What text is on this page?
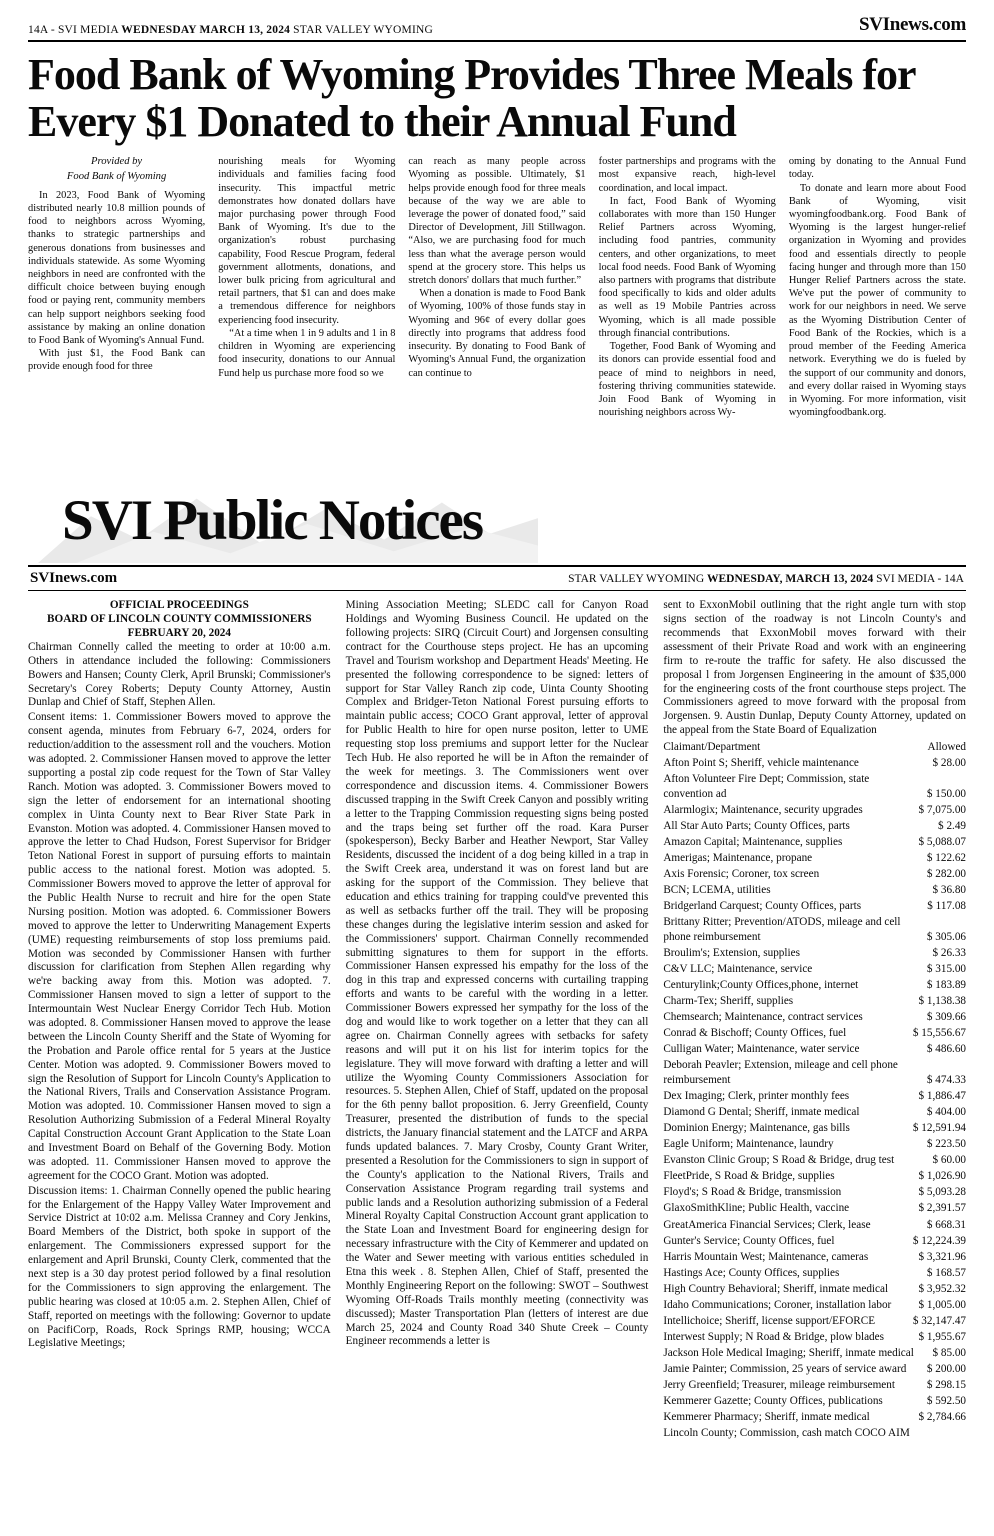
14A - SVI MEDIA WEDNESDAY MARCH 13, 2024 STAR VALLEY WYOMING	SVInews.com
Food Bank of Wyoming Provides Three Meals for Every $1 Donated to their Annual Fund
Provided by
Food Bank of Wyoming

In 2023, Food Bank of Wyoming distributed nearly 10.8 million pounds of food to neighbors across Wyoming, thanks to strategic partnerships and generous donations from businesses and individuals statewide. As some Wyoming neighbors in need are confronted with the difficult choice between buying enough food or paying rent, community members can help support neighbors seeking food assistance by making an online donation to Food Bank of Wyoming's Annual Fund.

With just $1, the Food Bank can provide enough food for three

nourishing meals for Wyoming individuals and families facing food insecurity. This impactful metric demonstrates how donated dollars have major purchasing power through Food Bank of Wyoming. It's due to the organization's robust purchasing capability, Food Rescue Program, federal government allotments, donations, and lower bulk pricing from agricultural and retail partners, that $1 can and does make a tremendous difference for neighbors experiencing food insecurity.

“At a time when 1 in 9 adults and 1 in 8 children in Wyoming are experiencing food insecurity, donations to our Annual Fund help us purchase more food so we

can reach as many people across Wyoming as possible. Ultimately, $1 helps provide enough food for three meals because of the way we are able to leverage the power of donated food,” said Director of Development, Jill Stillwagon. “Also, we are purchasing food for much less than what the average person would spend at the grocery store. This helps us stretch donors' dollars that much further.”

When a donation is made to Food Bank of Wyoming, 100% of those funds stay in Wyoming and 96¢ of every dollar goes directly into programs that address food insecurity. By donating to Food Bank of Wyoming's Annual Fund, the organization can continue to

foster partnerships and programs with the most expansive reach, high-level coordination, and local impact.

In fact, Food Bank of Wyoming collaborates with more than 150 Hunger Relief Partners across Wyoming, including food pantries, community centers, and other organizations, to meet local food needs. Food Bank of Wyoming also partners with programs that distribute food specifically to kids and older adults as well as 19 Mobile Pantries across Wyoming, which is all made possible through financial contributions.

Together, Food Bank of Wyoming and its donors can provide essential food and peace of mind to neighbors in need, fostering thriving communities statewide. Join Food Bank of Wyoming in nourishing neighbors across Wy-

oming by donating to the Annual Fund today.

To donate and learn more about Food Bank of Wyoming, visit wyomingfoodbank.org. Food Bank of Wyoming is the largest hunger-relief organization in Wyoming and provides food and essentials directly to people facing hunger and through more than 150 Hunger Relief Partners across the state. We've put the power of community to work for our neighbors in need. We serve as the Wyoming Distribution Center of Food Bank of the Rockies, which is a proud member of the Feeding America network. Everything we do is fueled by the support of our community and donors, and every dollar raised in Wyoming stays in Wyoming. For more information, visit wyomingfoodbank.org.

SVI Public Notices
SVInews.com	STAR VALLEY WYOMING WEDNESDAY, MARCH 13, 2024 SVI MEDIA - 14A
OFFICIAL PROCEEDINGS
BOARD OF LINCOLN COUNTY COMMISSIONERS
FEBRUARY 20, 2024

Chairman Connelly called the meeting to order at 10:00 a.m. Others in attendance included the following: Commissioners Bowers and Hansen; County Clerk, April Brunski; Commissioner's Secretary's Corey Roberts; Deputy County Attorney, Austin Dunlap and Chief of Staff, Stephen Allen.

Consent items: 1. Commissioner Bowers moved to approve the consent agenda, minutes from February 6-7, 2024, orders for reduction/addition to the assessment roll and the vouchers. Motion was adopted. 2. Commissioner Hansen moved to approve the letter supporting a postal zip code request for the Town of Star Valley Ranch. Motion was adopted. 3. Commissioner Bowers moved to sign the letter of endorsement for an international shooting complex in Uinta County next to Bear River State Park in Evanston. Motion was adopted. 4. Commissioner Hansen moved to approve the letter to Chad Hudson, Forest Supervisor for Bridger Teton National Forest in support of pursuing efforts to maintain public access to the national forest. Motion was adopted. 5. Commissioner Bowers moved to approve the letter of approval for the Public Health Nurse to recruit and hire for the open State Nursing position. Motion was adopted. 6. Commissioner Bowers moved to approve the letter to Underwriting Management Experts (UME) requesting reimbursements of stop loss premiums paid. Motion was seconded by Commissioner Hansen with further discussion for clarification from Stephen Allen regarding why we're backing away from this. Motion was adopted. 7. Commissioner Hansen moved to sign a letter of support to the Intermountain West Nuclear Energy Corridor Tech Hub. Motion was adopted. 8. Commissioner Hansen moved to approve the lease between the Lincoln County Sheriff and the State of Wyoming for the Probation and Parole office rental for 5 years at the Justice Center. Motion was adopted. 9. Commissioner Bowers moved to sign the Resolution of Support for Lincoln County's Application to the National Rivers, Trails and Conservation Assistance Program. Motion was adopted. 10. Commissioner Hansen moved to sign a Resolution Authorizing Submission of a Federal Mineral Royalty Capital Construction Account Grant Application to the State Loan and Investment Board on Behalf of the Governing Body. Motion was adopted. 11. Commissioner Hansen moved to approve the agreement for the COCO Grant. Motion was adopted.

Discussion items: 1. Chairman Connelly opened the public hearing for the Enlargement of the Happy Valley Water Improvement and Service District at 10:02 a.m. Melissa Cranney and Cory Jenkins, Board Members of the District, both spoke in support of the enlargement. The Commissioners expressed support for the enlargement and April Brunski, County Clerk, commented that the next step is a 30 day protest period followed by a final resolution for the Commissioners to sign approving the enlargement. The public hearing was closed at 10:05 a.m. 2. Stephen Allen, Chief of Staff, reported on meetings with the following: Governor to update on PacifiCorp, Roads, Rock Springs RMP, housing; WCCA Legislative Meetings;

Mining Association Meeting; SLEDC call for Canyon Road Holdings and Wyoming Business Council. He updated on the following projects: SIRQ (Circuit Court) and Jorgensen consulting contract for the Courthouse steps project. He has an upcoming Travel and Tourism workshop and Department Heads' Meeting. He presented the following correspondence to be signed: letters of support for Star Valley Ranch zip code, Uinta County Shooting Complex and Bridger-Teton National Forest pursuing efforts to maintain public access; COCO Grant approval, letter of approval for Public Health to hire for open nurse positon, letter to UME requesting stop loss premiums and support letter for the Nuclear Tech Hub. He also reported he will be in Afton the remainder of the week for meetings. 3. The Commissioners went over correspondence and discussion items. 4. Commissioner Bowers discussed trapping in the Swift Creek Canyon and possibly writing a letter to the Trapping Commission requesting signs being posted and the traps being set further off the road. Kara Purser (spokesperson), Becky Barber and Heather Newport, Star Valley Residents, discussed the incident of a dog being killed in a trap in the Swift Creek area, understand it was on forest land but are asking for the support of the Commission. They believe that education and ethics training for trapping could've prevented this as well as setbacks further off the trail. They will be proposing these changes during the legislative interim session and asked for the Commissioners' support. Chairman Connelly recommended submitting signatures to them for support in the efforts. Commissioner Hansen expressed his empathy for the loss of the dog in this trap and expressed concerns with curtailing trapping efforts and wants to be careful with the wording in a letter. Commissioner Bowers expressed her sympathy for the loss of the dog and would like to work together on a letter that they can all agree on. Chairman Connelly agrees with setbacks for safety reasons and will put it on his list for interim topics for the legislature. They will move forward with drafting a letter and will utilize the Wyoming County Commissioners Association for resources. 5. Stephen Allen, Chief of Staff, updated on the proposal for the 6th penny ballot proposition. 6. Jerry Greenfield, County Treasurer, presented the distribution of funds to the special districts, the January financial statement and the LATCF and ARPA funds updated balances. 7. Mary Crosby, County Grant Writer, presented a Resolution for the Commissioners to sign in support of the County's application to the National Rivers, Trails and Conservation Assistance Program regarding trail systems and public lands and a Resolution authorizing submission of a Federal Mineral Royalty Capital Construction Account grant application to the State Loan and Investment Board for engineering design for necessary infrastructure with the City of Kemmerer and updated on the Water and Sewer meeting with various entities scheduled in Etna this week . 8. Stephen Allen, Chief of Staff, presented the Monthly Engineering Report on the following: SWOT – Southwest Wyoming Off-Roads Trails monthly meeting (connectivity was discussed); Master Transportation Plan (letters of interest are due March 25, 2024 and County Road 340 Shute Creek – County Engineer recommends a letter is

sent to ExxonMobil outlining that the right angle turn with stop signs section of the roadway is not Lincoln County's and recommends that ExxonMobil moves forward with their assessment of their Private Road and work with an engineering firm to re-route the traffic for safety. He also discussed the proposal l from Jorgensen Engineering in the amount of $35,000 for the engineering costs of the front courthouse steps project. The Commissioners agreed to move forward with the proposal from Jorgensen. 9. Austin Dunlap, Deputy County Attorney, updated on the appeal from the State Board of Equalization

Claimant/Department	Allowed
Afton Point S; Sheriff, vehicle maintenance	$ 28.00
Afton Volunteer Fire Dept; Commission, state convention ad	$ 150.00
Alarmlogix; Maintenance, security upgrades	$ 7,075.00
All Star Auto Parts; County Offices, parts	$ 2.49
Amazon Capital; Maintenance, supplies	$ 5,088.07
Amerigas; Maintenance, propane	$ 122.62
Axis Forensic; Coroner, tox screen	$ 282.00
BCN; LCEMA, utilities	$ 36.80
Bridgerland Carquest; County Offices, parts	$ 117.08
Brittany Ritter; Prevention/ATODS, mileage and cell phone reimbursement	$ 305.06
Broulim's; Extension, supplies	$ 26.33
C&V LLC; Maintenance, service	$ 315.00
Centurylink;County Offices,phone, internet	$ 183.89
Charm-Tex; Sheriff, supplies	$ 1,138.38
Chemsearch; Maintenance, contract services	$ 309.66
Conrad & Bischoff; County Offices, fuel	$ 15,556.67
Culligan Water; Maintenance, water service	$ 486.60
Deborah Peavler; Extension, mileage and cell phone reimbursement	$ 474.33
Dex Imaging; Clerk, printer monthly fees	$ 1,886.47
Diamond G Dental; Sheriff, inmate medical	$ 404.00
Dominion Energy; Maintenance, gas bills	$ 12,591.94
Eagle Uniform; Maintenance, laundry	$ 223.50
Evanston Clinic Group; S Road & Bridge, drug test	$ 60.00
FleetPride, S Road & Bridge, supplies	$ 1,026.90
Floyd's; S Road & Bridge, transmission	$ 5,093.28
GlaxoSmithKline; Public Health, vaccine	$ 2,391.57
GreatAmerica Financial Services; Clerk, lease	$ 668.31
Gunter's Service; County Offices, fuel	$ 12,224.39
Harris Mountain West; Maintenance, cameras	$ 3,321.96
Hastings Ace; County Offices, supplies	$ 168.57
High Country Behavioral; Sheriff, inmate medical	$ 3,952.32
Idaho Communications; Coroner, installation labor	$ 1,005.00
Intellichoice; Sheriff, license support/EFORCE	$ 32,147.47
Interwest Supply; N Road & Bridge, plow blades	$ 1,955.67
Jackson Hole Medical Imaging; Sheriff, inmate medical	$ 85.00
Jamie Painter; Commission, 25 years of service award	$ 200.00
Jerry Greenfield; Treasurer, mileage reimbursement	$ 298.15
Kemmerer Gazette; County Offices, publications	$ 592.50
Kemmerer Pharmacy; Sheriff, inmate medical	$ 2,784.66
Lincoln County; Commission, cash match COCO AIM
